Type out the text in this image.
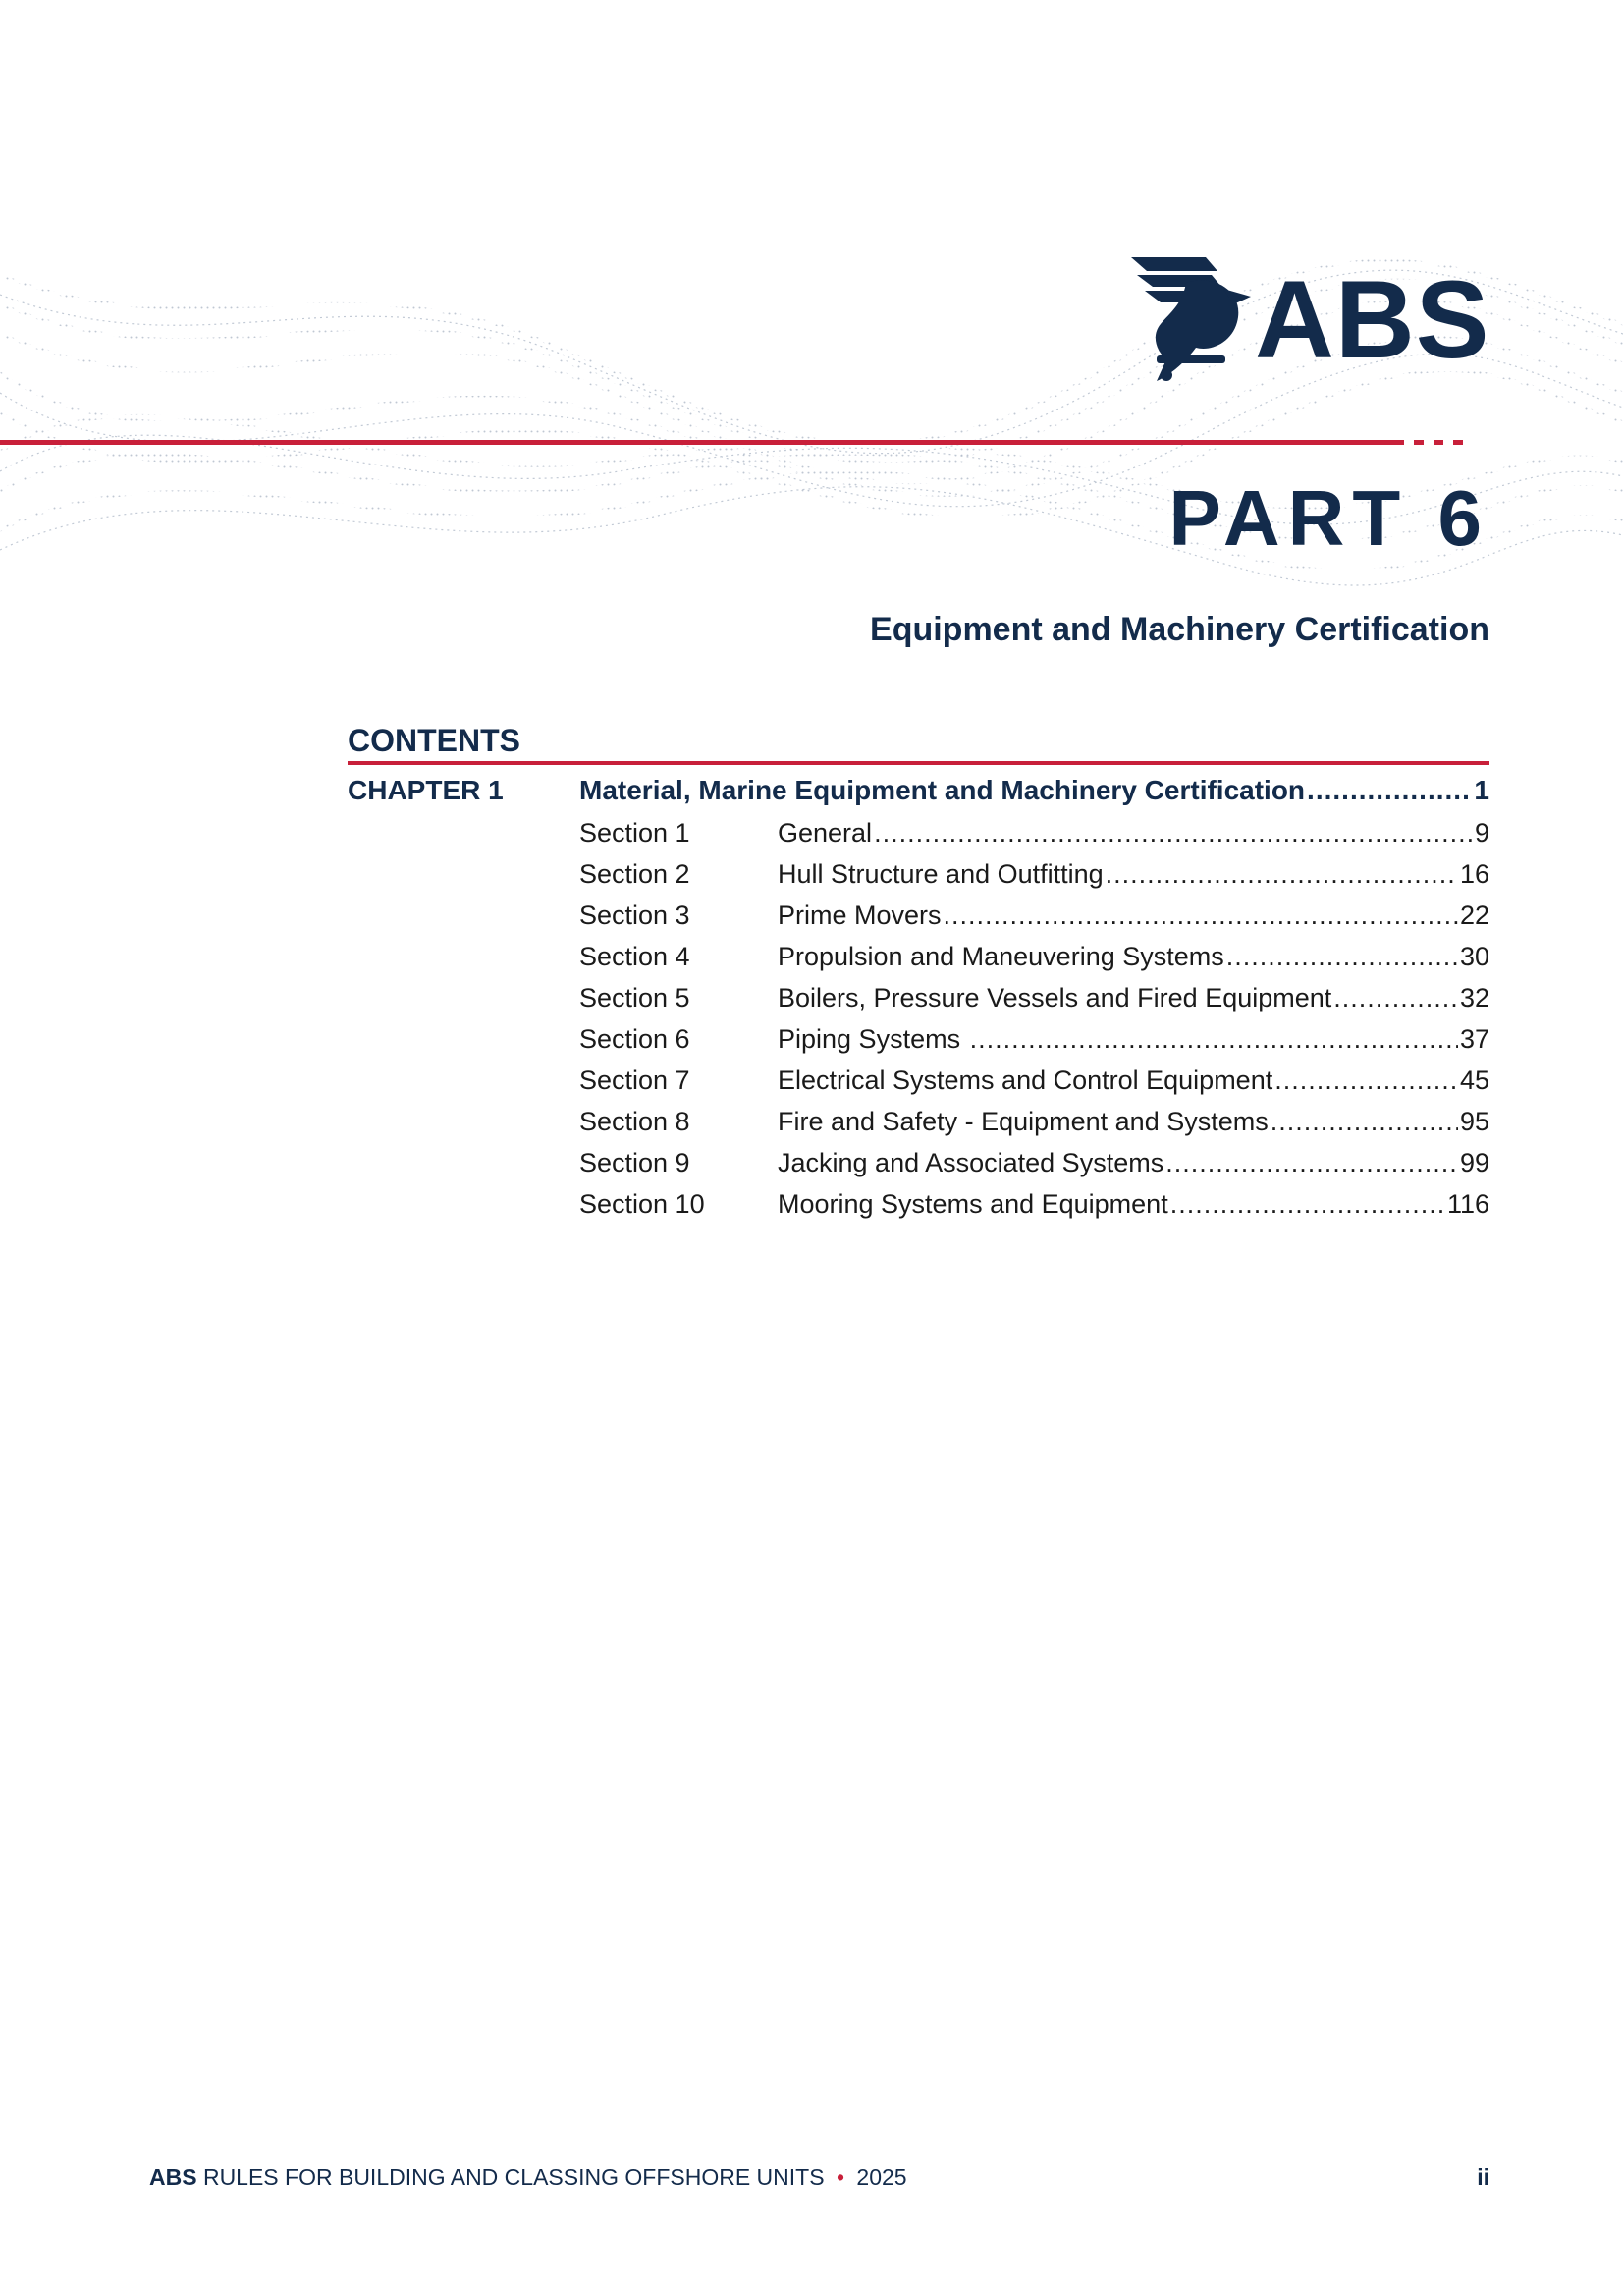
ABS
PART 6
Equipment and Machinery Certification
CONTENTS
CHAPTER 1	Material, Marine Equipment and Machinery Certification .....	1
Section 1	General .....	9
Section 2	Hull Structure and Outfitting .....	16
Section 3	Prime Movers .....	22
Section 4	Propulsion and Maneuvering Systems .....	30
Section 5	Boilers, Pressure Vessels and Fired Equipment .....	32
Section 6	Piping Systems .....	37
Section 7	Electrical Systems and Control Equipment .....	45
Section 8	Fire and Safety - Equipment and Systems .....	95
Section 9	Jacking and Associated Systems .....	99
Section 10	Mooring Systems and Equipment .....	116
ABS RULES FOR BUILDING AND CLASSING OFFSHORE UNITS • 2025	ii
